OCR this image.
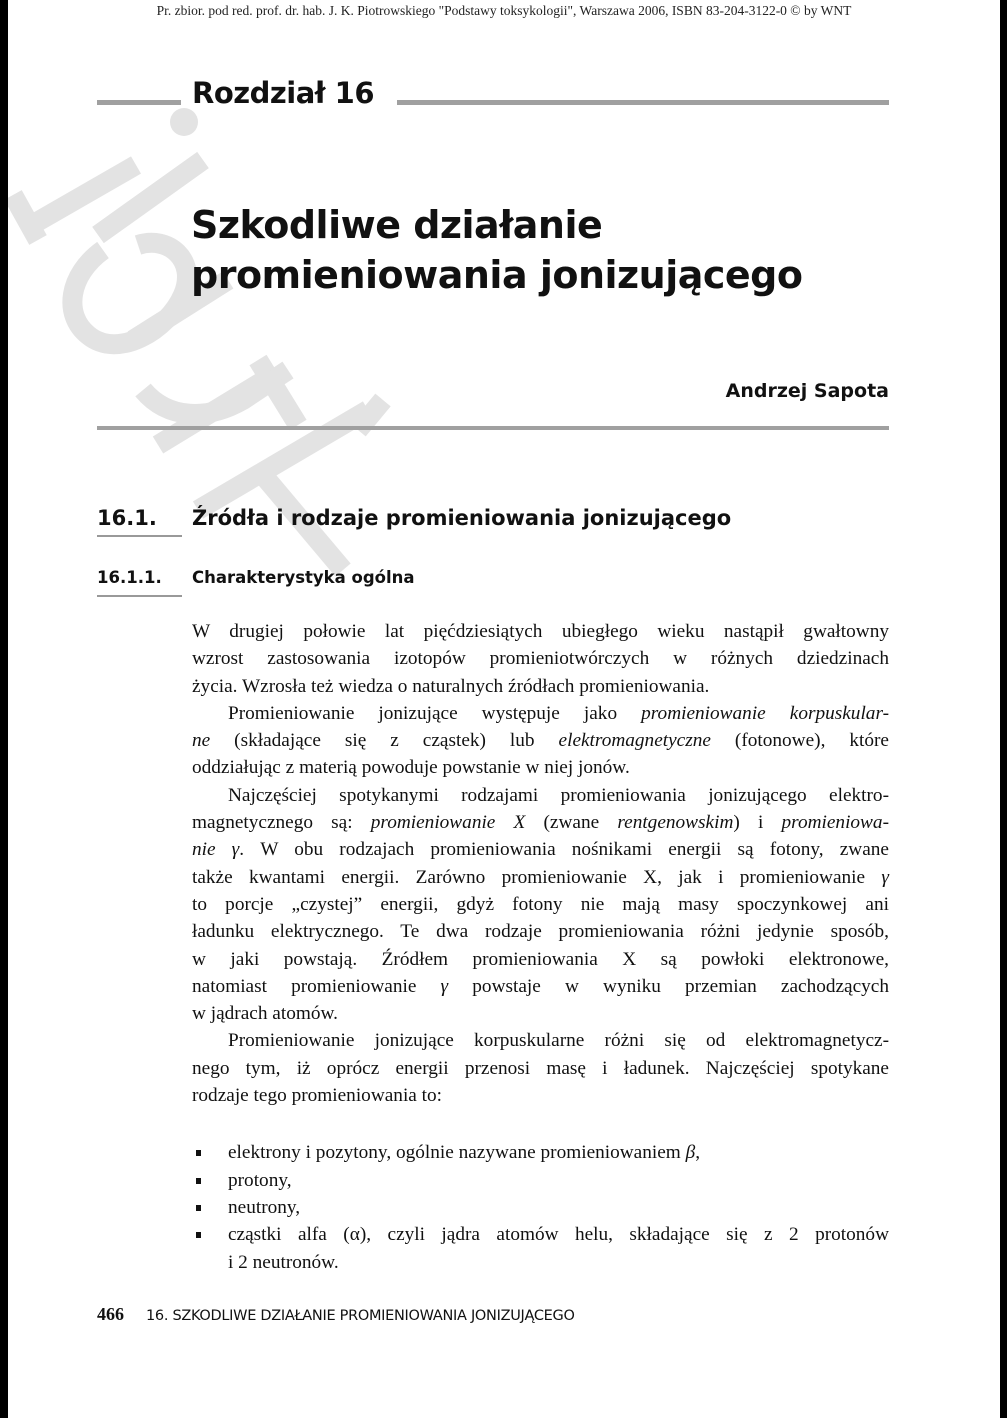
Pr. zbior. pod red. prof. dr. hab. J. K. Piotrowskiego "Podstawy toksykologii", Warszawa 2006, ISBN 83-204-3122-0 © by WNT
Rozdział 16
Szkodliwe działanie
promieniowania jonizującego
Andrzej Sapota
16.1. Źródła i rodzaje promieniowania jonizującego
16.1.1. Charakterystyka ogólna
W drugiej połowie lat pięćdziesiątych ubiegłego wieku nastąpił gwałtowny
wzrost zastosowania izotopów promieniotwórczych w różnych dziedzinach
życia. Wzrosła też wiedza o naturalnych źródłach promieniowania.
Promieniowanie jonizujące występuje jako promieniowanie korpuskular-
ne (składające się z cząstek) lub elektromagnetyczne (fotonowe), które
oddziałując z materią powoduje powstanie w niej jonów.
Najczęściej spotykanymi rodzajami promieniowania jonizującego elektro-
magnetycznego są: promieniowanie X (zwane rentgenowskim) i promieniowa-
nie γ. W obu rodzajach promieniowania nośnikami energii są fotony, zwane
także kwantami energii. Zarówno promieniowanie X, jak i promieniowanie γ
to porcje „czystej” energii, gdyż fotony nie mają masy spoczynkowej ani
ładunku elektrycznego. Te dwa rodzaje promieniowania różni jedynie sposób,
w jaki powstają. Źródłem promieniowania X są powłoki elektronowe,
natomiast promieniowanie γ powstaje w wyniku przemian zachodzących
w jądrach atomów.
Promieniowanie jonizujące korpuskularne różni się od elektromagnetycz-
nego tym, iż oprócz energii przenosi masę i ładunek. Najczęściej spotykane
rodzaje tego promieniowania to:
elektrony i pozytony, ogólnie nazywane promieniowaniem β,
protony,
neutrony,
cząstki alfa (α), czyli jądra atomów helu, składające się z 2 protonów
i 2 neutronów.
466 16. SZKODLIWE DZIAŁANIE PROMIENIOWANIA JONIZUJĄCEGO
